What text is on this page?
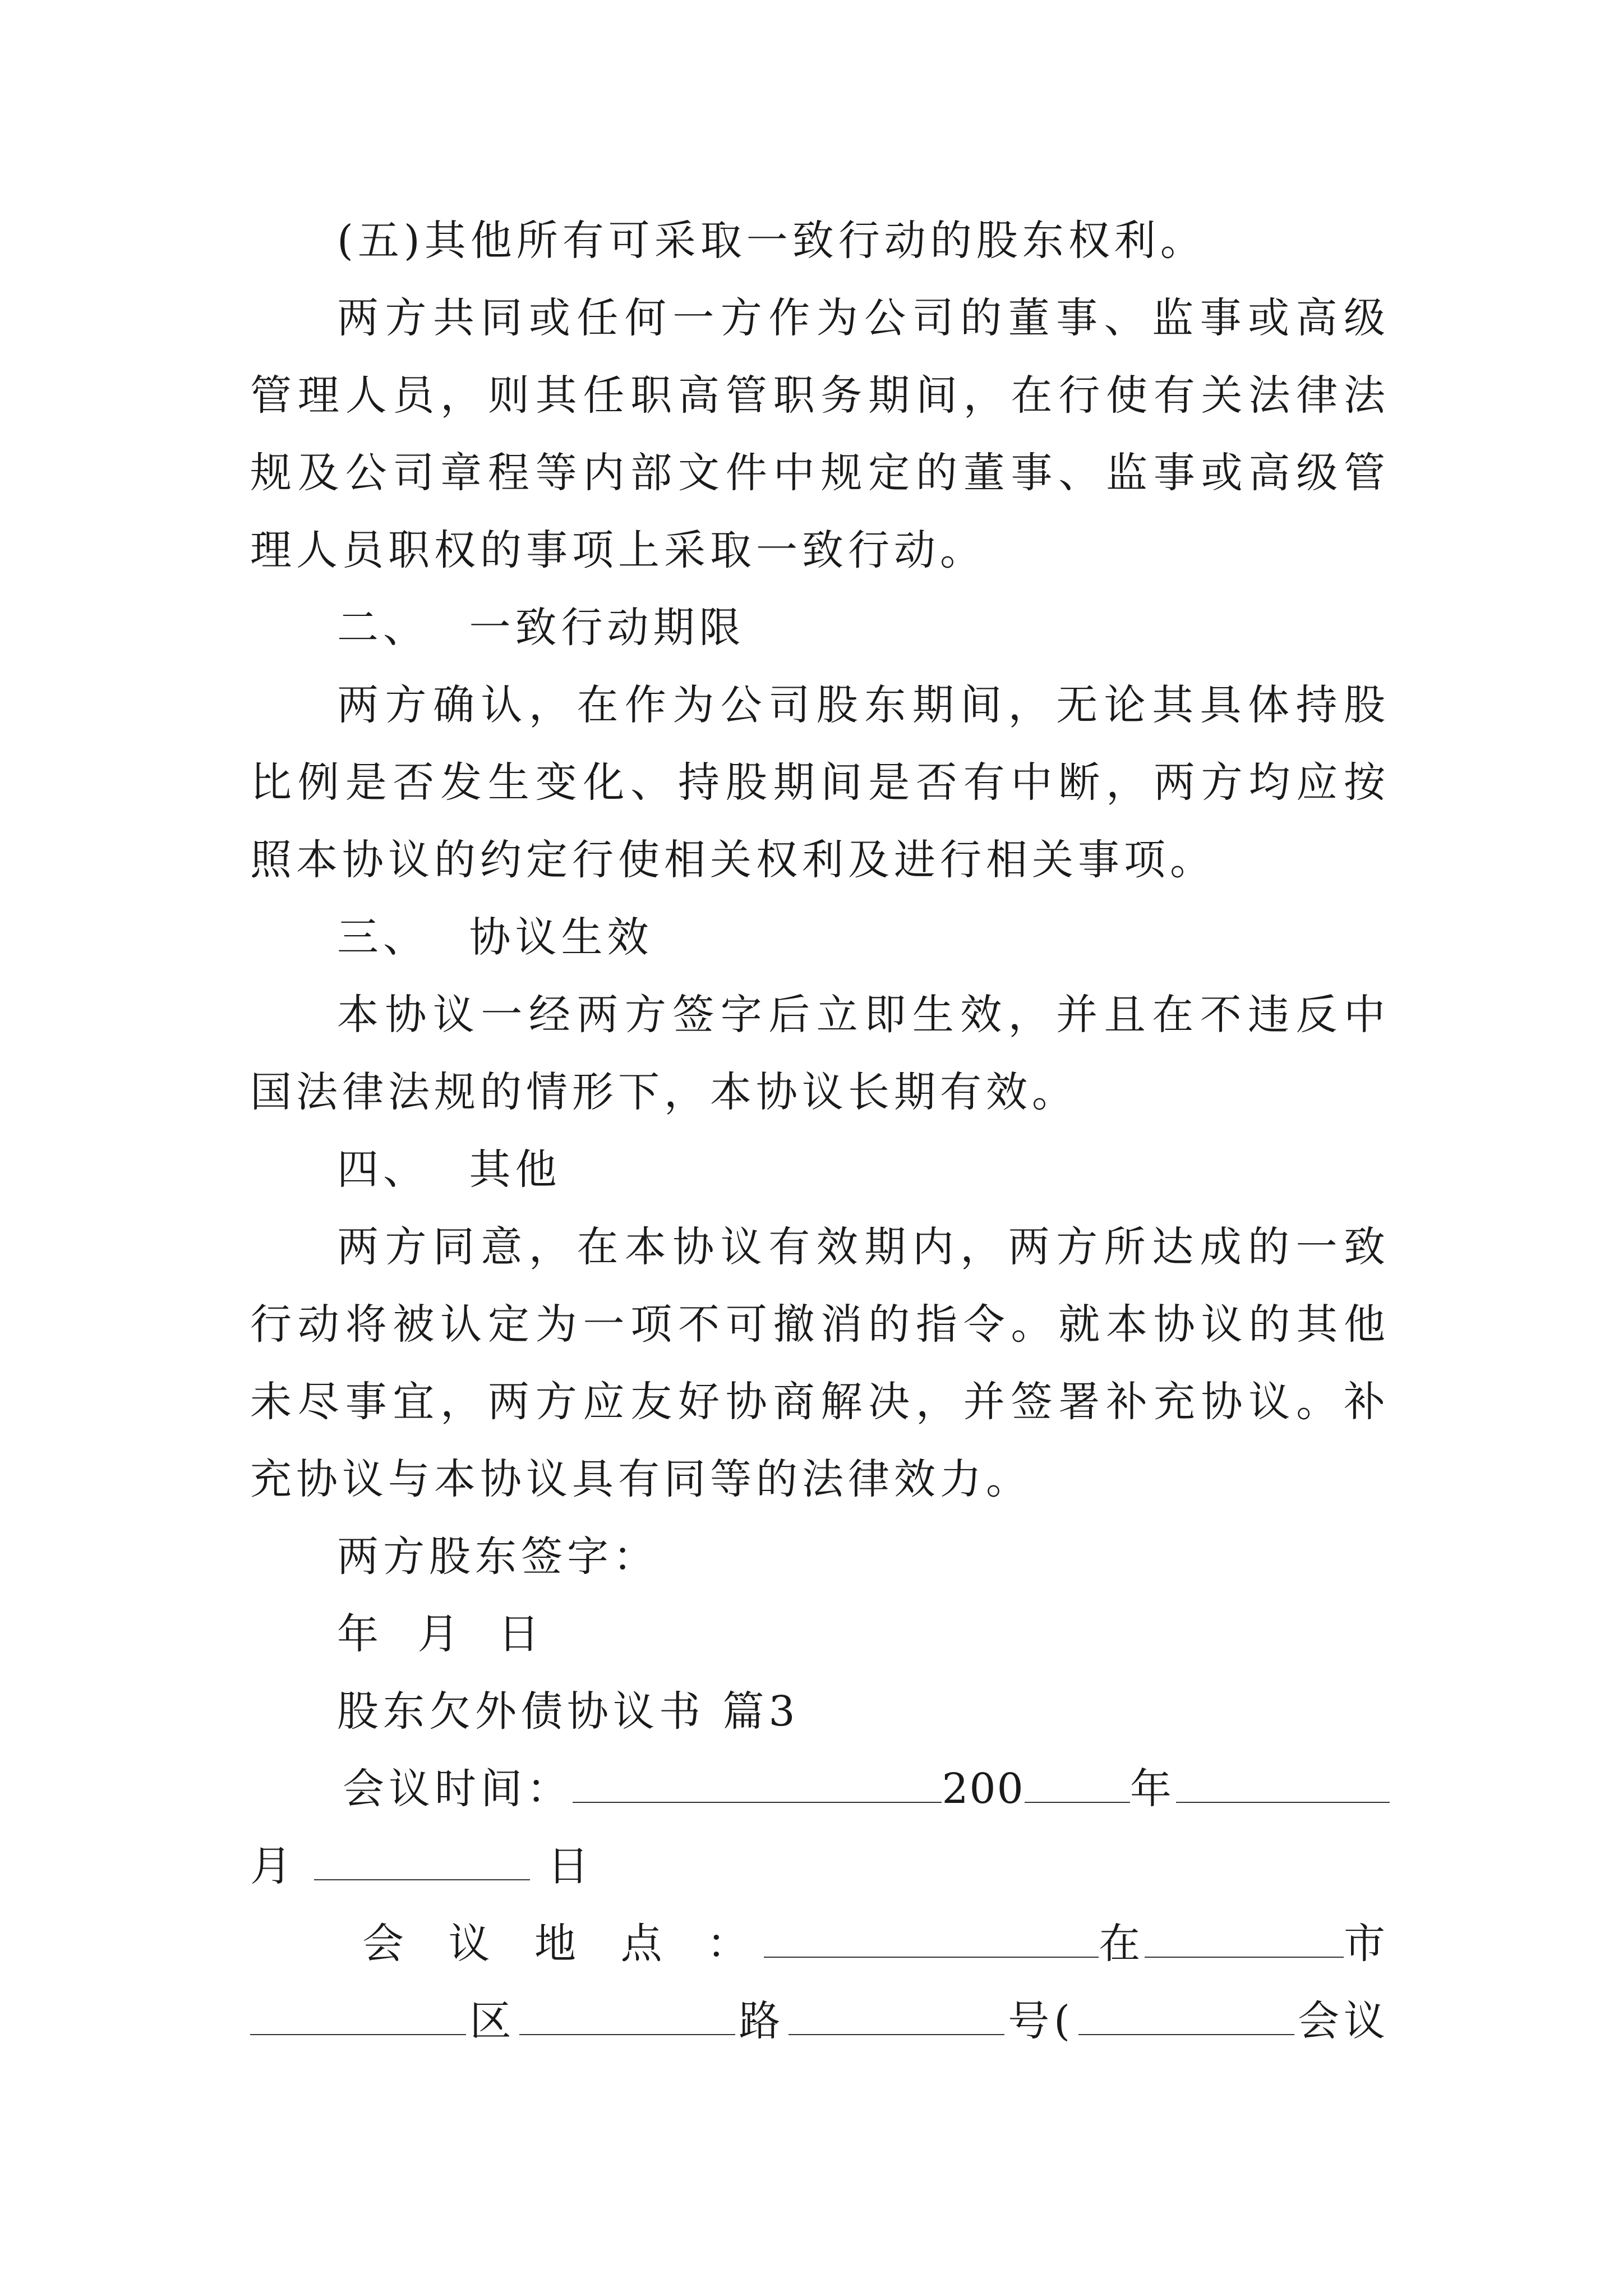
(五)其他所有可采取一致行动的股东权利。

两方共同或任何一方作为公司的董事、监事或高级管理人员，则其任职高管职务期间，在行使有关法律法规及公司章程等内部文件中规定的董事、监事或高级管理人员职权的事项上采取一致行动。

二、 一致行动期限

两方确认，在作为公司股东期间，无论其具体持股比例是否发生变化、持股期间是否有中断，两方均应按照本协议的约定行使相关权利及进行相关事项。

三、 协议生效

本协议一经两方签字后立即生效，并且在不违反中国法律法规的情形下，本协议长期有效。

四、 其他

两方同意，在本协议有效期内，两方所达成的一致行动将被认定为一项不可撤消的指令。就本协议的其他未尽事宜，两方应友好协商解决，并签署补充协议。补充协议与本协议具有同等的法律效力。

两方股东签字：

年 月 日

股东欠外债协议书 篇3

会议时间：	200	年
月	日
会 议 地 点 ：	在	市
区	路	号(	会议
